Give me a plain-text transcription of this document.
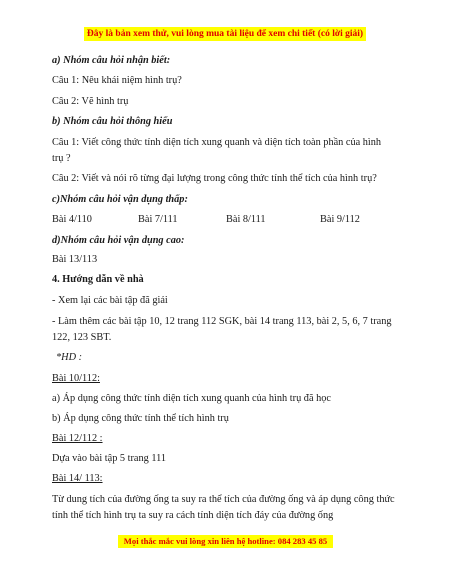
Đây là bản xem thử, vui lòng mua tài liệu để xem chi tiết (có lời giải)
a) Nhóm câu hỏi nhận biết:
Câu 1: Nêu khái niệm hình trụ?
Câu 2: Vẽ hình trụ
b) Nhóm câu hỏi thông hiểu
Câu 1: Viết công thức tính diện tích xung quanh và diện tích toàn phần của hình
trụ ?
Câu 2: Viết và nói rõ từng đại lượng trong công thức tính thể tích của hình trụ?
c)Nhóm câu hỏi vận dụng thấp:
Bài 4/110	Bài 7/111	Bài 8/111	Bài 9/112
d)Nhóm câu hỏi vận dụng cao:
Bài 13/113
4. Hướng dẫn về nhà
- Xem lại các bài tập đã giải
- Làm thêm các bài tập 10, 12 trang 112 SGK, bài 14 trang 113, bài 2, 5, 6, 7 trang
122, 123 SBT.
*HD :
Bài 10/112:
a) Áp dụng công thức tính diện tích xung quanh của hình trụ đã học
b) Áp dụng công thức tính thể tích hình trụ
Bài 12/112 :
Dựa vào bài tập 5 trang 111
Bài 14/ 113:
Từ dung tích của đường ống ta suy ra thể tích của đường ống và áp dụng công thức
tính thể tích hình trụ ta suy ra cách tính diện tích đáy của đường ống
Mọi thắc mắc vui lòng xin liên hệ hotline: 084 283 45 85
